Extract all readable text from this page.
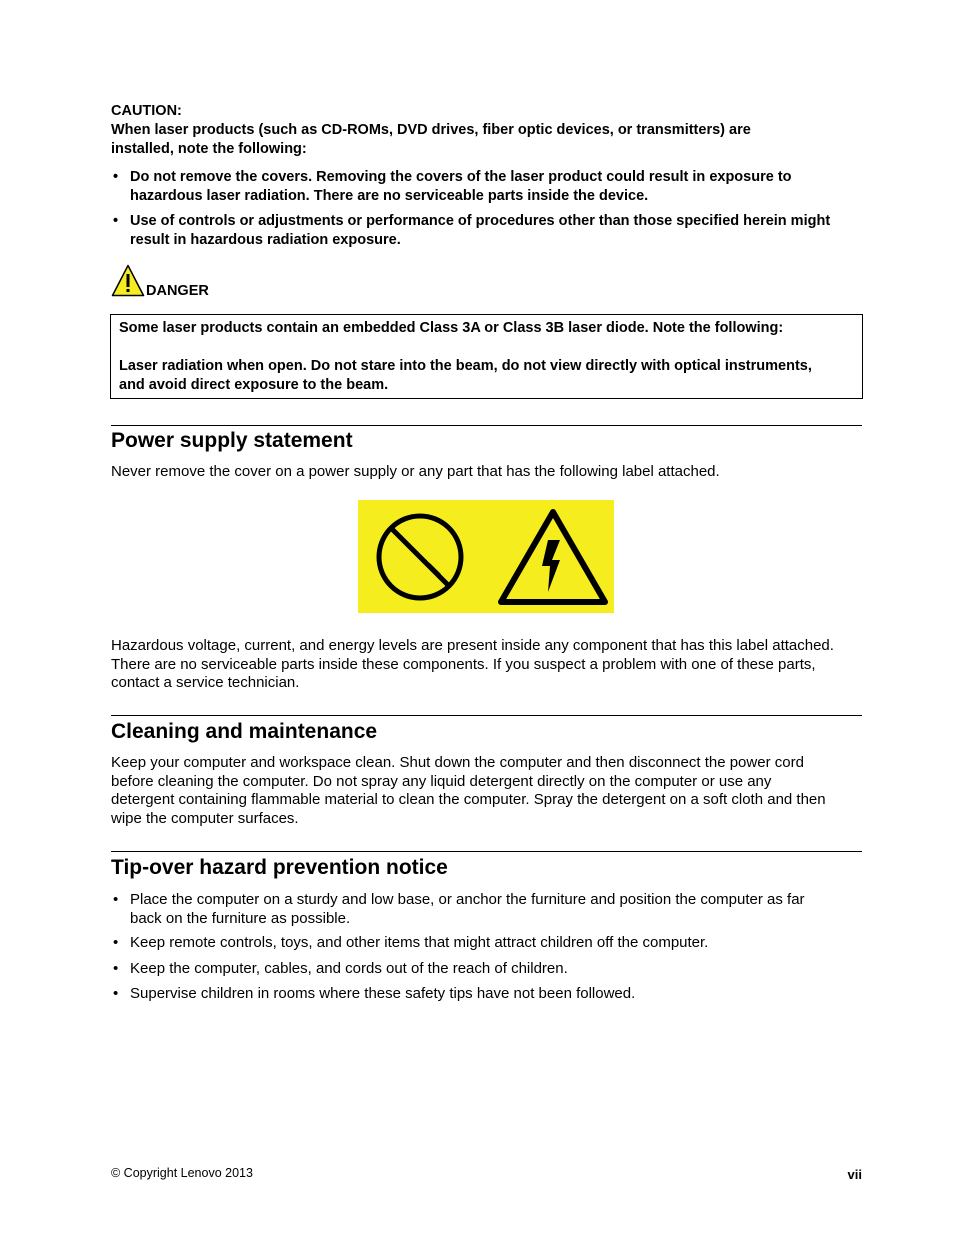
CAUTION:

When laser products (such as CD-ROMs, DVD drives, fiber optic devices, or transmitters) are installed, note the following:

• Do not remove the covers. Removing the covers of the laser product could result in exposure to hazardous laser radiation. There are no serviceable parts inside the device.
• Use of controls or adjustments or performance of procedures other than those specified herein might result in hazardous radiation exposure.
DANGER

Some laser products contain an embedded Class 3A or Class 3B laser diode. Note the following:

Laser radiation when open. Do not stare into the beam, do not view directly with optical instruments, and avoid direct exposure to the beam.

Power supply statement
Never remove the cover on a power supply or any part that has the following label attached.
Hazardous voltage, current, and energy levels are present inside any component that has this label attached. There are no serviceable parts inside these components. If you suspect a problem with one of these parts, contact a service technician.
Cleaning and maintenance
Keep your computer and workspace clean. Shut down the computer and then disconnect the power cord before cleaning the computer. Do not spray any liquid detergent directly on the computer or use any detergent containing flammable material to clean the computer. Spray the detergent on a soft cloth and then wipe the computer surfaces.
Tip-over hazard prevention notice
• Place the computer on a sturdy and low base, or anchor the furniture and position the computer as far back on the furniture as possible.
• Keep remote controls, toys, and other items that might attract children off the computer.
• Keep the computer, cables, and cords out of the reach of children.
• Supervise children in rooms where these safety tips have not been followed.
© Copyright Lenovo 2013	vii
